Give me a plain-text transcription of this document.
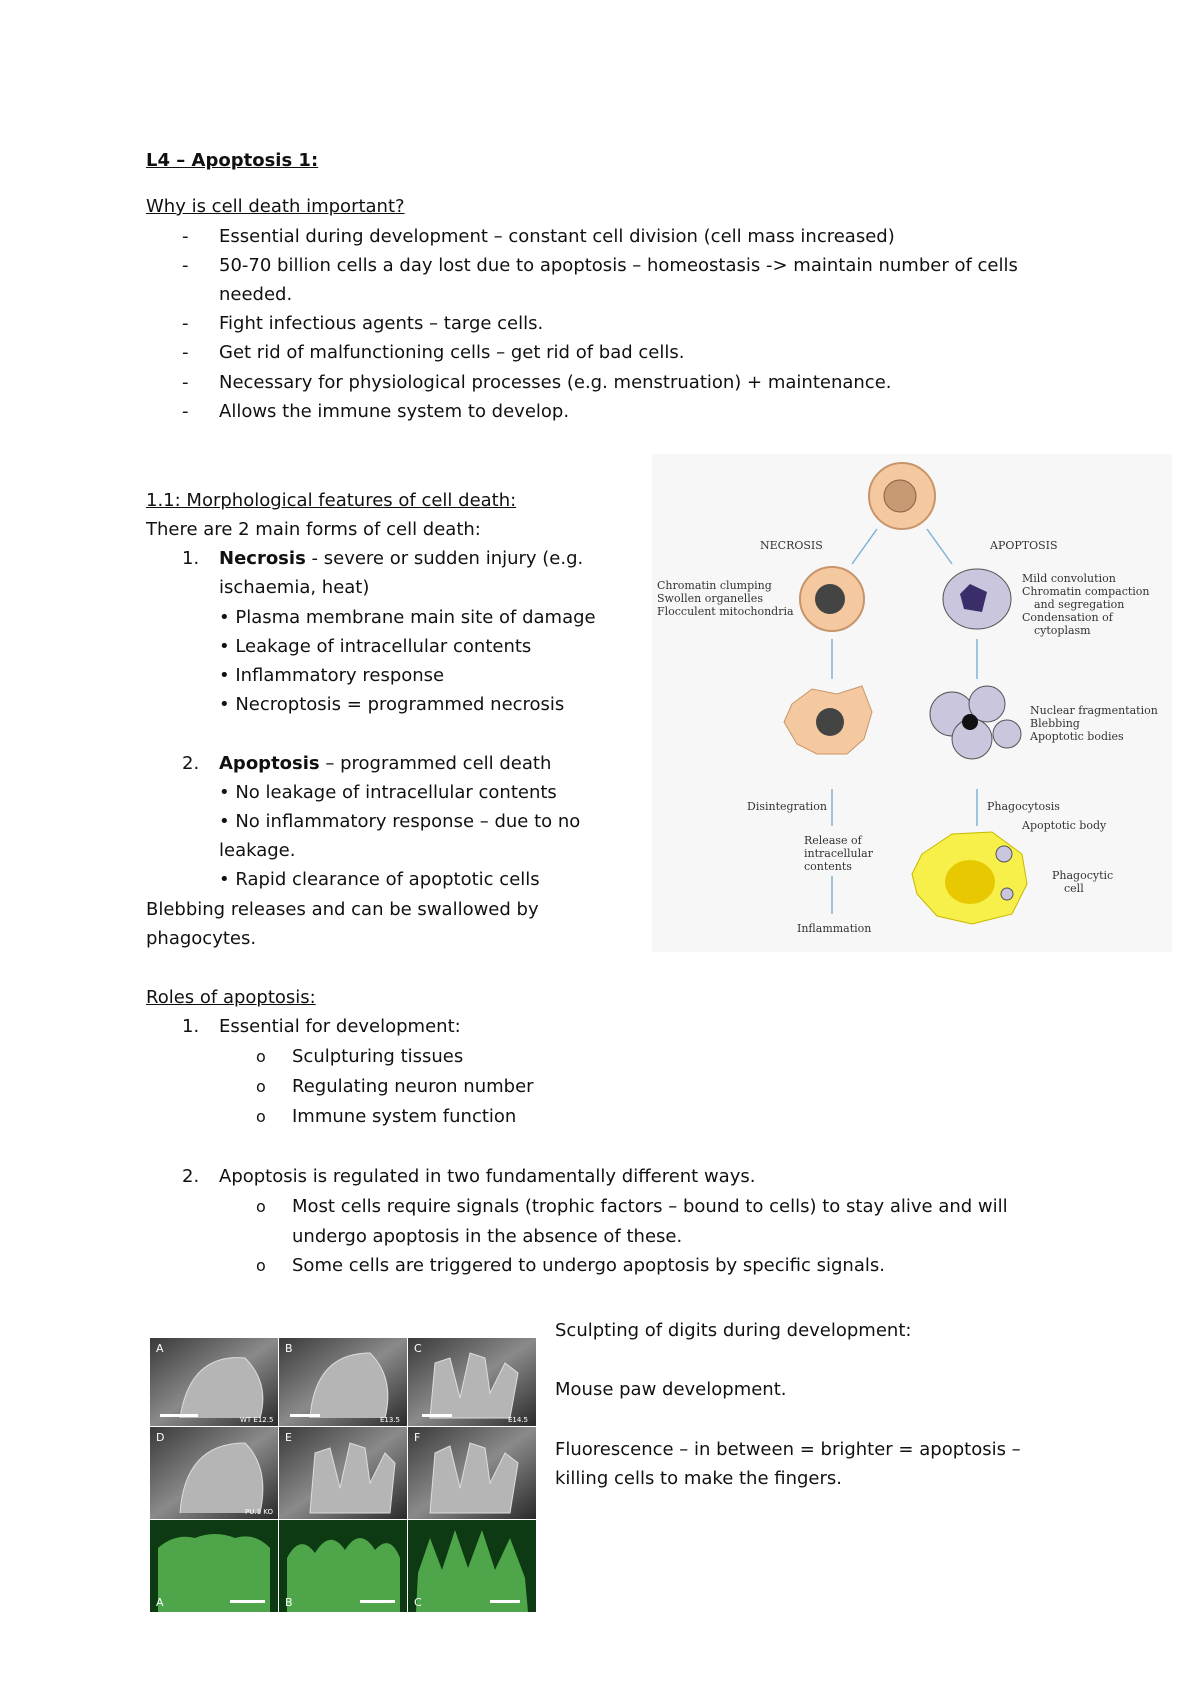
L4 – Apoptosis 1:
Why is cell death important?
- Essential during development – constant cell division (cell mass increased)
- 50-70 billion cells a day lost due to apoptosis – homeostasis -> maintain number of cells
needed.
- Fight infectious agents – targe cells.
- Get rid of malfunctioning cells – get rid of bad cells.
- Necessary for physiological processes (e.g. menstruation) + maintenance.
- Allows the immune system to develop.
1.1: Morphological features of cell death:
There are 2 main forms of cell death:
1. Necrosis - severe or sudden injury (e.g.
ischaemia, heat)
• Plasma membrane main site of damage
• Leakage of intracellular contents
• Inflammatory response
• Necroptosis = programmed necrosis
2. Apoptosis – programmed cell death
• No leakage of intracellular contents
• No inflammatory response – due to no
leakage.
• Rapid clearance of apoptotic cells
Blebbing releases and can be swallowed by
phagocytes.
NECROSIS	APOPTOSIS
Chromatin clumping
Swollen organelles
Flocculent mitochondria
Mild convolution
Chromatin compaction
and segregation
Condensation of
cytoplasm
Disintegration
Nuclear fragmentation
Blebbing
Apoptotic bodies
Phagocytosis
Release of
intracellular
contents
Inflammation
Apoptotic body
Phagocytic
cell
Roles of apoptosis:
1. Essential for development:
o Sculpturing tissues
o Regulating neuron number
o Immune system function
2. Apoptosis is regulated in two fundamentally different ways.
o Most cells require signals (trophic factors – bound to cells) to stay alive and will
undergo apoptosis in the absence of these.
o Some cells are triggered to undergo apoptosis by specific signals.
A	B	C
D	E	F
A	B	C
WT E12.5	E13.5	E14.5
PU.1 KO
Sculpting of digits during development:
Mouse paw development.
Fluorescence – in between = brighter = apoptosis –
killing cells to make the fingers.
